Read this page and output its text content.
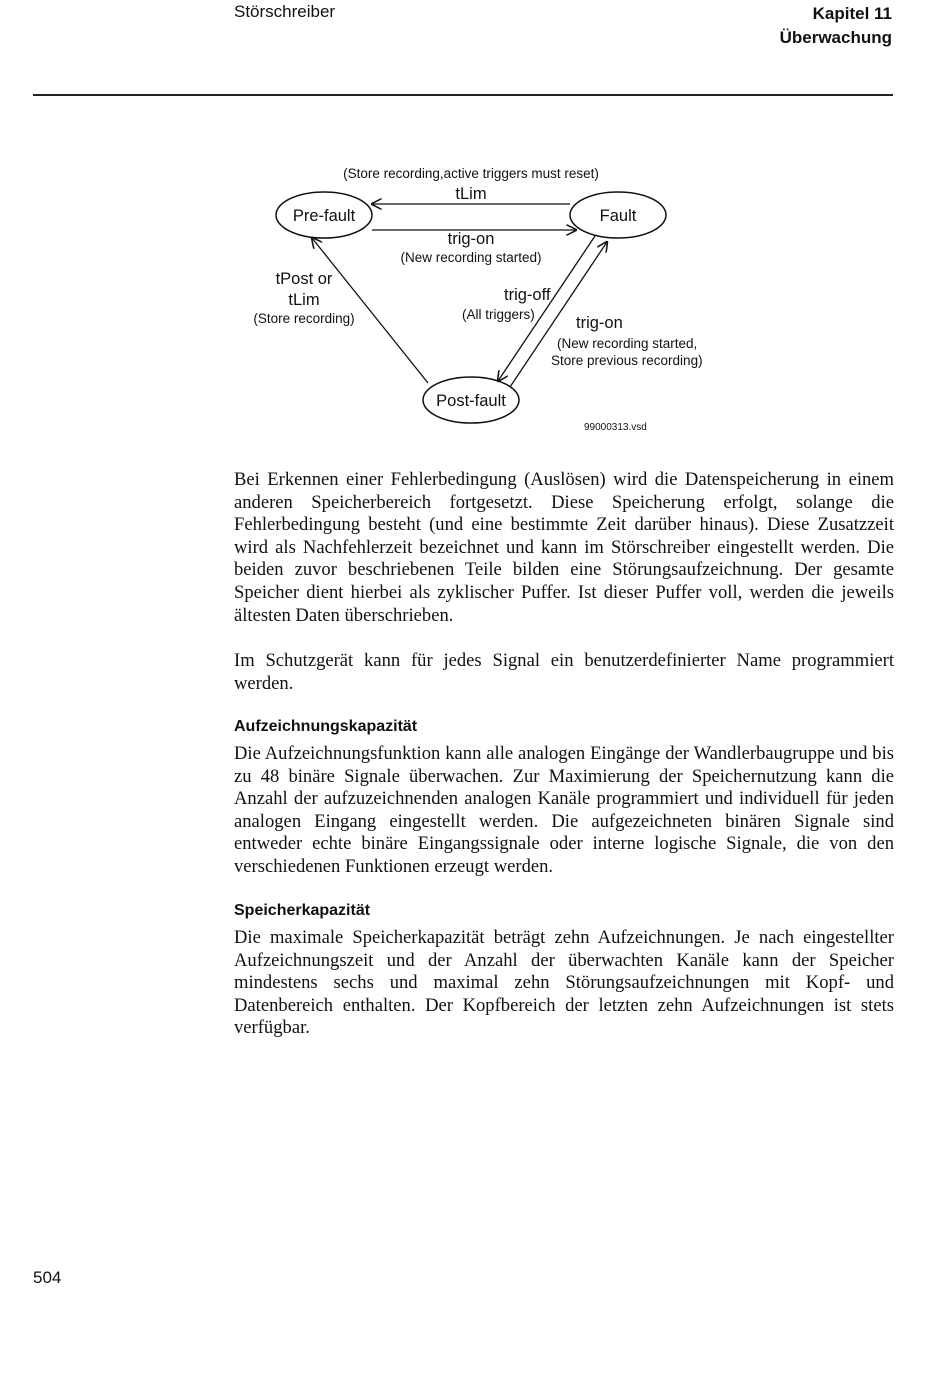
Störschreiber	Kapitel 11
Überwachung
Pre-fault	Fault
Post-fault
(Store recording,active triggers must reset)
tLim
trig-on
(New recording started)
tPost or
tLim
(Store recording)
trig-off
(All triggers) trig-on
(New recording started,
Store previous recording)
99000313.vsd

Bei Erkennen einer Fehlerbedingung (Auslösen) wird die Datenspeicherung in einem anderen Speicherbereich fortgesetzt. Diese Speicherung erfolgt, solange die Fehlerbedingung besteht (und eine bestimmte Zeit darüber hinaus). Diese Zusatzzeit wird als Nachfehlerzeit bezeichnet und kann im Störschreiber eingestellt werden. Die beiden zuvor beschriebenen Teile bilden eine Störungsaufzeichnung. Der gesamte Speicher dient hierbei als zyklischer Puffer. Ist dieser Puffer voll, werden die jeweils ältesten Daten überschrieben.

Im Schutzgerät kann für jedes Signal ein benutzerdefinierter Name programmiert werden.

Aufzeichnungskapazität

Die Aufzeichnungsfunktion kann alle analogen Eingänge der Wandlerbaugruppe und bis zu 48 binäre Signale überwachen. Zur Maximierung der Speichernutzung kann die Anzahl der aufzuzeichnenden analogen Kanäle programmiert und individuell für jeden analogen Eingang eingestellt werden. Die aufgezeichneten binären Signale sind entweder echte binäre Eingangssignale oder interne logische Signale, die von den verschiedenen Funktionen erzeugt werden.

Speicherkapazität

Die maximale Speicherkapazität beträgt zehn Aufzeichnungen. Je nach eingestellter Aufzeichnungszeit und der Anzahl der überwachten Kanäle kann der Speicher mindestens sechs und maximal zehn Störungsaufzeichnungen mit Kopf- und Datenbereich enthalten. Der Kopfbereich der letzten zehn Aufzeichnungen ist stets verfügbar.

504
